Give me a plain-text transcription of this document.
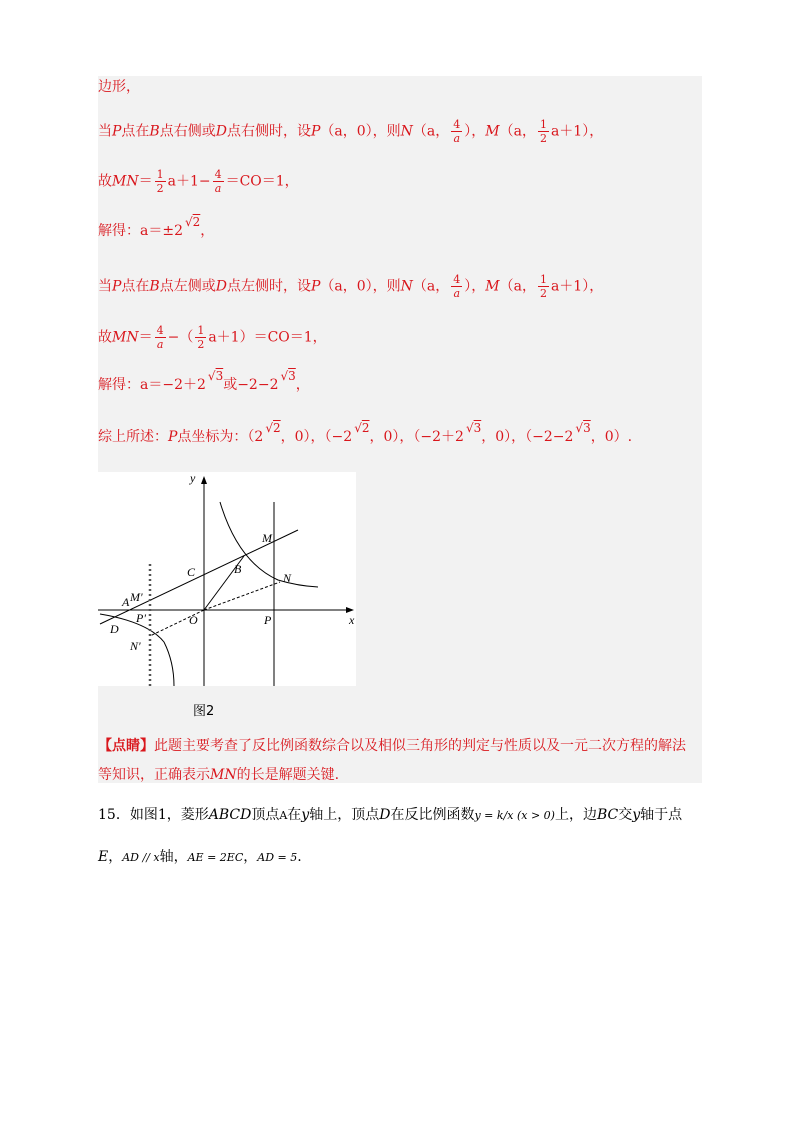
边形，
当P点在B点右侧或D点右侧时，设P（a，0），则N（a， $\frac{4}{a}$ ），M（a， $\frac{1}{2} a+1$），
故$MN= \frac{1}{2} a+1- \frac{4}{a} =CO=1$，
解得：a＝±2√ 2，
当P点在B点左侧或D点左侧时，设P（a，0），则N（a， $\frac{4}{a}$ ），M（a， $\frac{1}{2} a+1$），
故$MN= \frac{4}{a}$ −（ $\frac{1}{2} a+1)=CO=1$，
解得：a＝−2＋2√ 3或−2−2√ 3，
综上所述：P点坐标为：（2√ 2，0），（−2√ 2，0），（−2＋2√ 3，0），（−2−2√ 3，0）.
y
x
O
M
C	B
N
A M'
P'
D
N'
P
图2
【点睛】此题主要考查了反比例函数综合以及相似三角形的判定与性质以及一元二次方程的解法
等知识，正确表示MN的长是解题关键.
15．如图1，菱形ABCD顶点A在y轴上，顶点D在反比例函数y = k/x (x > 0)上，边BC交y轴于点
E，AD // x轴，AE = 2EC，AD = 5.
